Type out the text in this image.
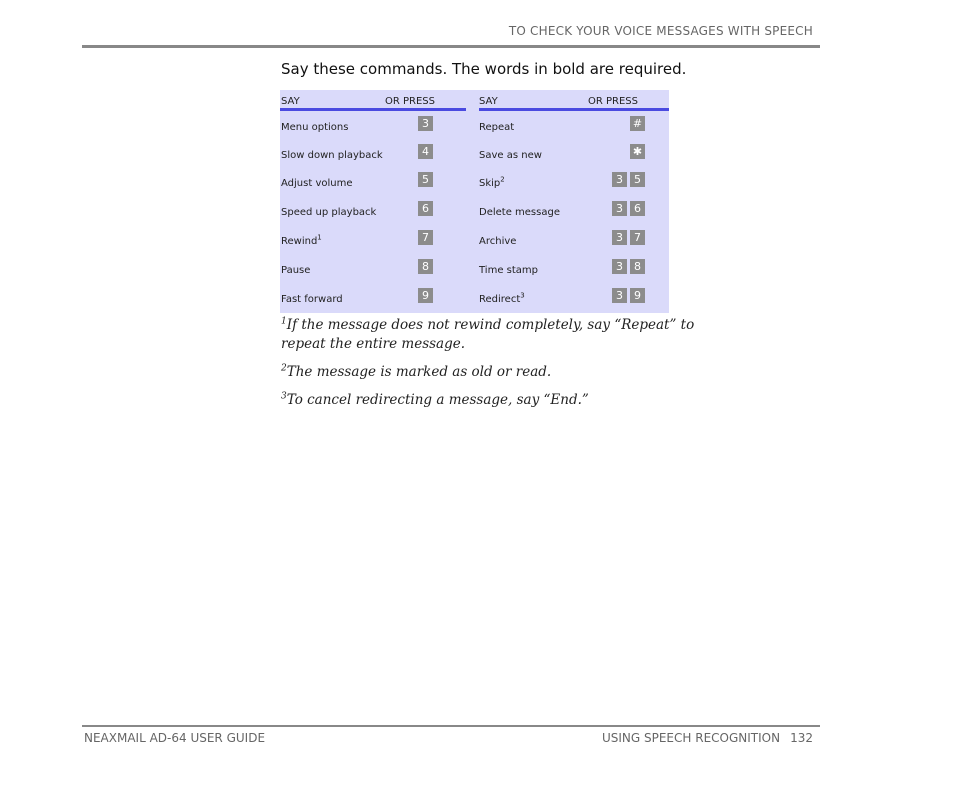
TO CHECK YOUR VOICE MESSAGES WITH SPEECH
Say these commands. The words in bold are required.
SAY	OR PRESS	SAY	OR PRESS
Menu options	3
Slow down playback	4
Adjust volume	5
Speed up playback	6
Rewind$^1$	7
Pause	8
Fast forward	9
Repeat	#
Save as new	✱
Skip$^2$	3	5
Delete message	3	6
Archive	3	7
Time stamp	3	8
Redirect$^3$	3	9

$^1$If the message does not rewind completely, say “Repeat” to repeat the entire message.

$^2$The message is marked as old or read.

$^3$To cancel redirecting a message, say “End.”

NEAXMAIL AD-64 USER GUIDE	USING SPEECH RECOGNITION 132
